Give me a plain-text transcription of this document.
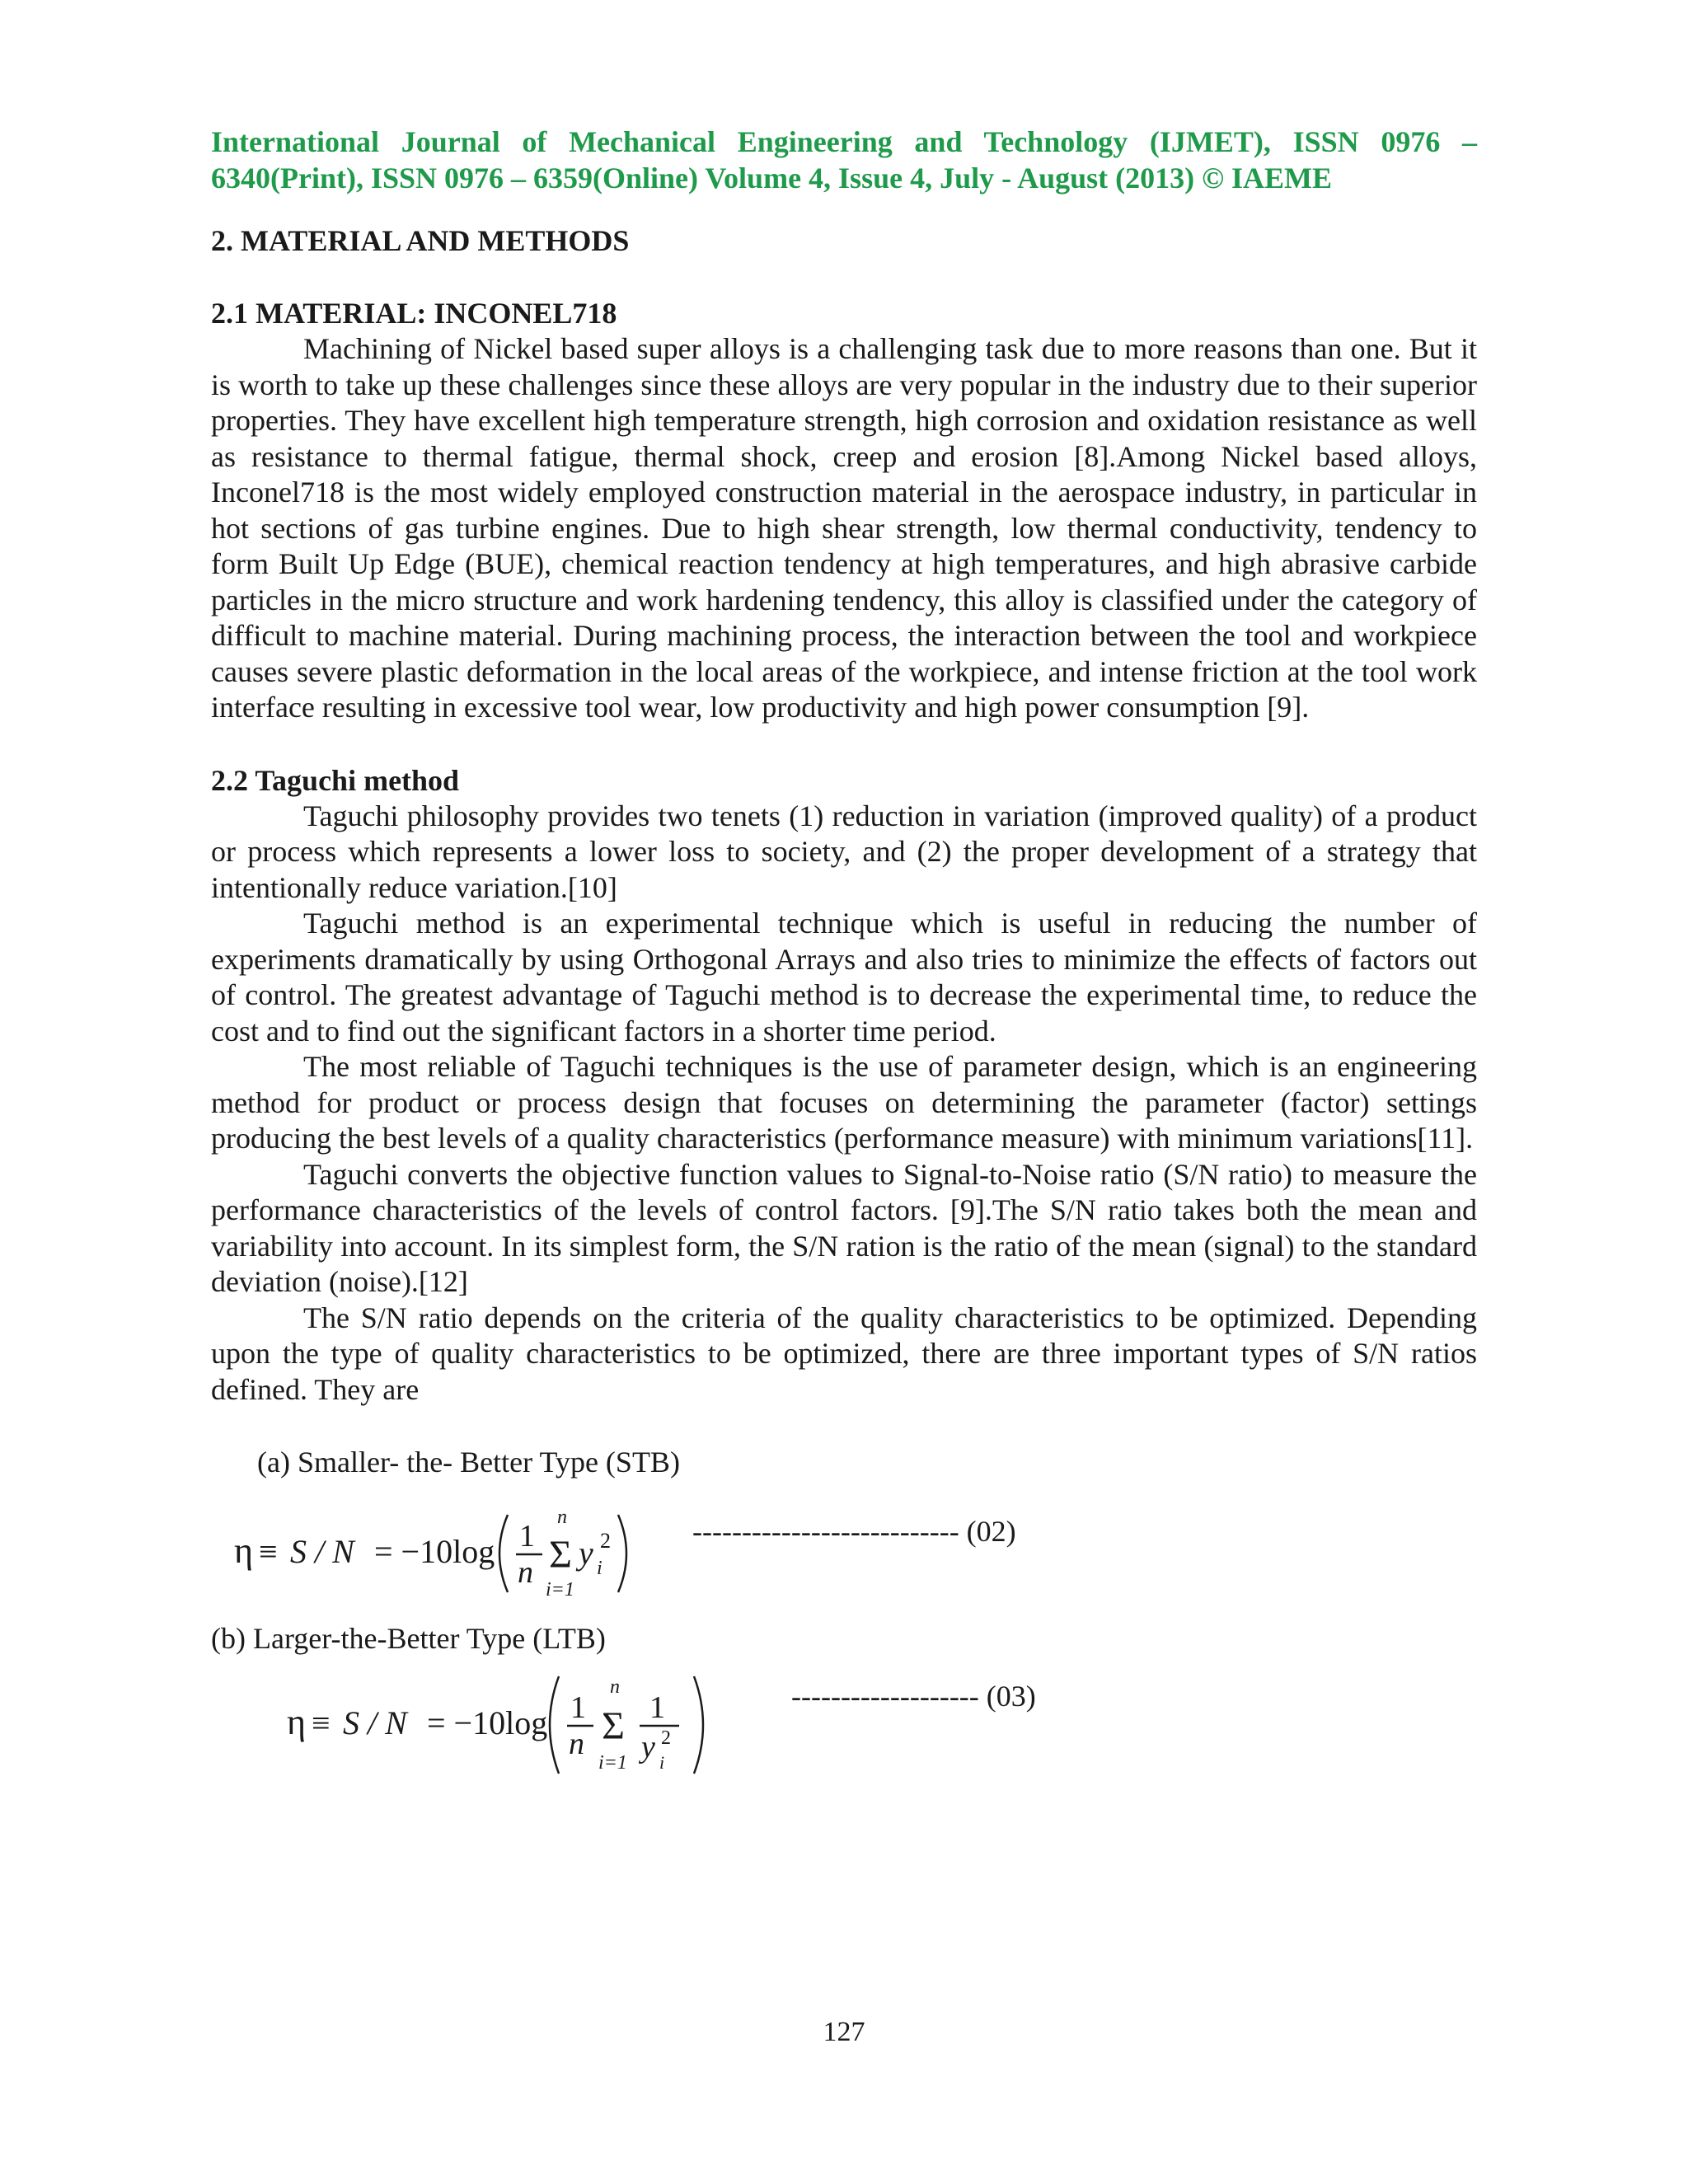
International Journal of Mechanical Engineering and Technology (IJMET), ISSN 0976 – 6340(Print), ISSN 0976 – 6359(Online) Volume 4, Issue 4, July - August (2013) © IAEME

2. MATERIAL AND METHODS
2.1 MATERIAL: INCONEL718

Machining of Nickel based super alloys is a challenging task due to more reasons than one. But it is worth to take up these challenges since these alloys are very popular in the industry due to their superior properties. They have excellent high temperature strength, high corrosion and oxidation resistance as well as resistance to thermal fatigue, thermal shock, creep and erosion [8].Among Nickel based alloys, Inconel718 is the most widely employed construction material in the aerospace industry, in particular in hot sections of gas turbine engines. Due to high shear strength, low thermal conductivity, tendency to form Built Up Edge (BUE), chemical reaction tendency at high temperatures, and high abrasive carbide particles in the micro structure and work hardening tendency, this alloy is classified under the category of difficult to machine material. During machining process, the interaction between the tool and workpiece causes severe plastic deformation in the local areas of the workpiece, and intense friction at the tool work interface resulting in excessive tool wear, low productivity and high power consumption [9].

2.2 Taguchi method

Taguchi philosophy provides two tenets (1) reduction in variation (improved quality) of a product or process which represents a lower loss to society, and (2) the proper development of a strategy that intentionally reduce variation.[10]

Taguchi method is an experimental technique which is useful in reducing the number of experiments dramatically by using Orthogonal Arrays and also tries to minimize the effects of factors out of control. The greatest advantage of Taguchi method is to decrease the experimental time, to reduce the cost and to find out the significant factors in a shorter time period.

The most reliable of Taguchi techniques is the use of parameter design, which is an engineering method for product or process design that focuses on determining the parameter (factor) settings producing the best levels of a quality characteristics (performance measure) with minimum variations[11].

Taguchi converts the objective function values to Signal-to-Noise ratio (S/N ratio) to measure the performance characteristics of the levels of control factors. [9].The S/N ratio takes both the mean and variability into account. In its simplest form, the S/N ration is the ratio of the mean (signal) to the standard deviation (noise).[12]

The S/N ratio depends on the criteria of the quality characteristics to be optimized. Depending upon the type of quality characteristics to be optimized, there are three important types of S/N ratios defined. They are

(a) Smaller- the- Better Type (STB)

η ≡ S / N = −10log 1
n
n
Σ
i=1
y 2
i
--------------------------- (02)

(b) Larger-the-Better Type (LTB)

η ≡ S / N = −10log 1
n
n
Σ
i=1
1
y 2
i
------------------- (03)
127
